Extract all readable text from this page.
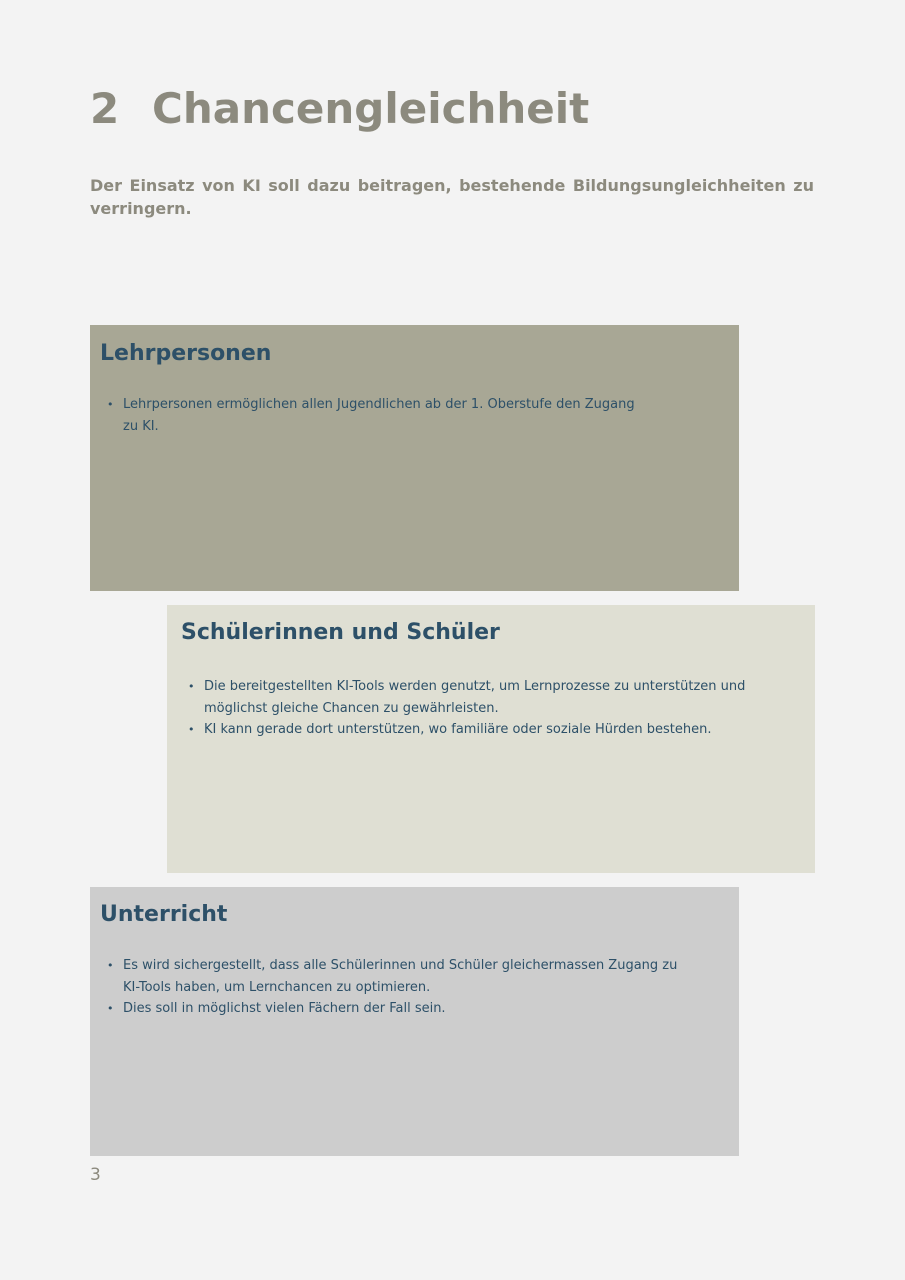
2 Chancengleichheit

Der Einsatz von KI soll dazu beitragen, bestehende Bildungsungleichheiten zu verringern.

Lehrpersonen
• Lehrpersonen ermöglichen allen Jugendlichen ab der 1. Oberstufe den Zugang zu KI.
Schülerinnen und Schüler
• Die bereitgestellten KI-Tools werden genutzt, um Lernprozesse zu unterstützen und möglichst gleiche Chancen zu gewährleisten.
• KI kann gerade dort unterstützen, wo familiäre oder soziale Hürden bestehen.
Unterricht
• Es wird sichergestellt, dass alle Schülerinnen und Schüler gleichermassen Zugang zu KI-Tools haben, um Lernchancen zu optimieren.
• Dies soll in möglichst vielen Fächern der Fall sein.
3
